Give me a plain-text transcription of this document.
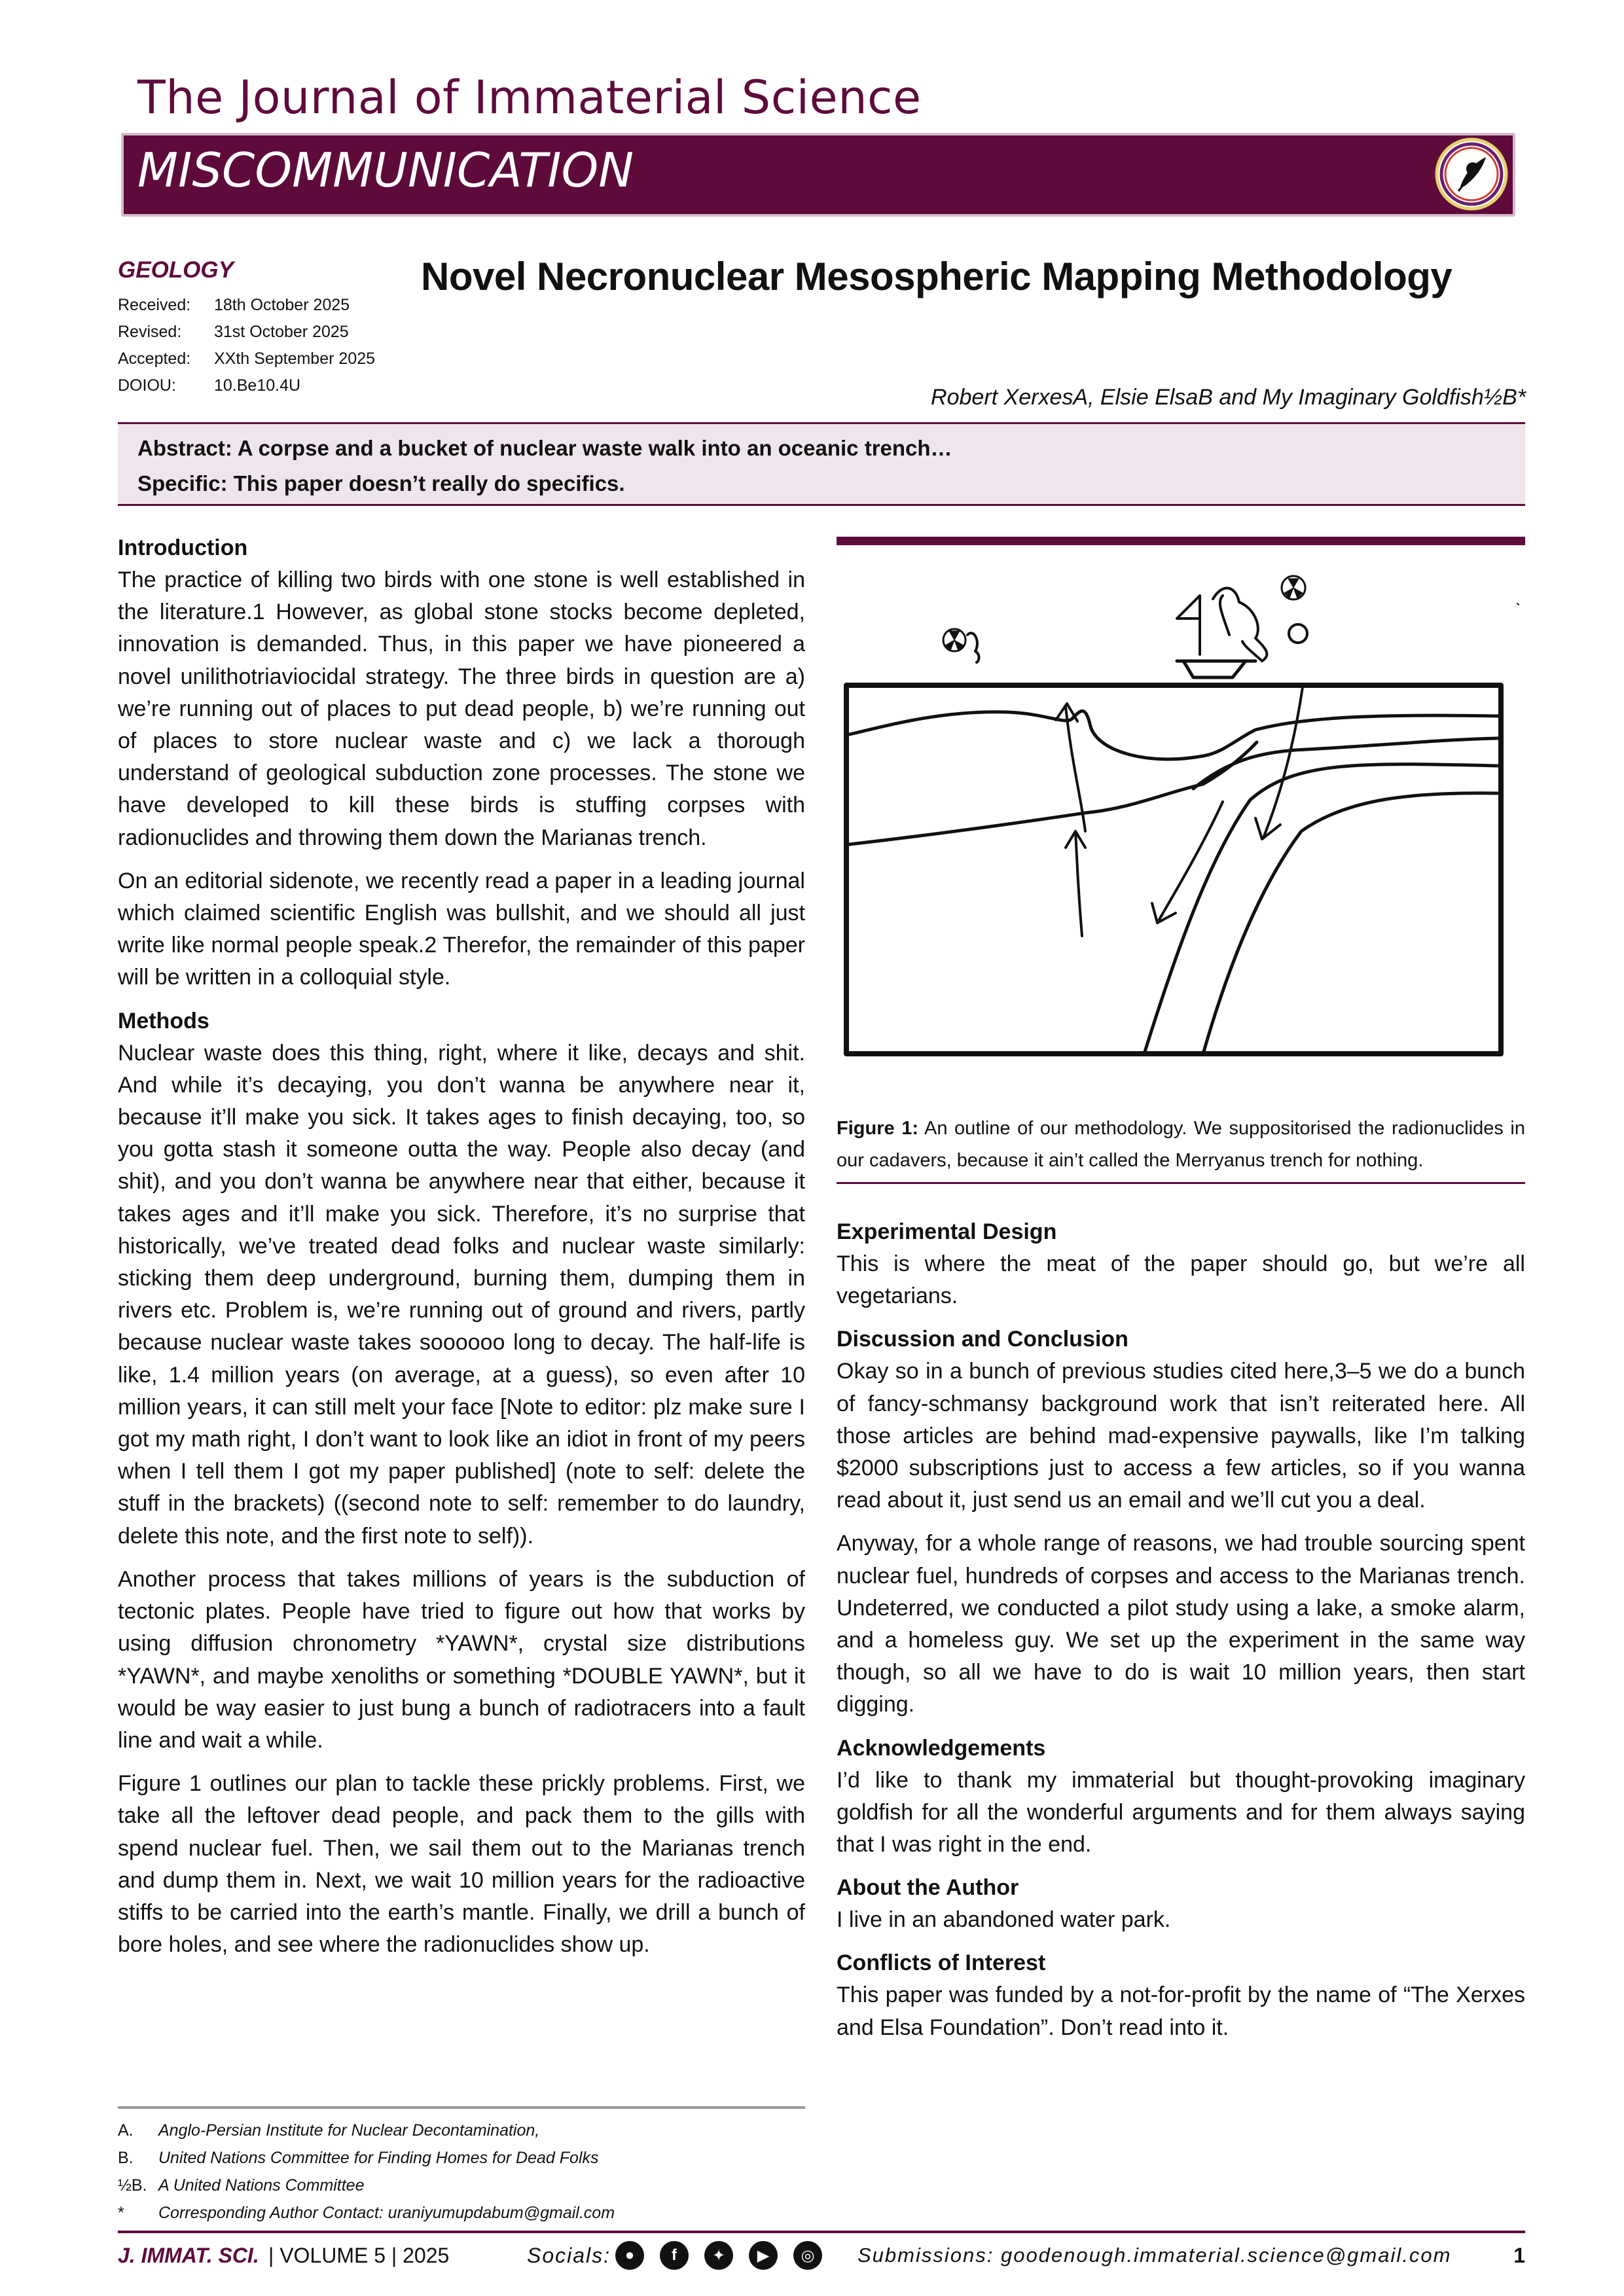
The Journal of Immaterial Science
MISCOMMUNICATION
GEOLOGY
Received:	18th October 2025
Revised:	31st October 2025
Accepted:	XXth September 2025
DOIOU:	10.Be10.4U
Novel Necronuclear Mesospheric Mapping Methodology
Robert XerxesA, Elsie ElsaB and My Imaginary Goldfish½B*
Abstract: A corpse and a bucket of nuclear waste walk into an oceanic trench…
Specific: This paper doesn’t really do specifics.
Introduction

The practice of killing two birds with one stone is well established in the literature.1 However, as global stone stocks become depleted, innovation is demanded. Thus, in this paper we have pioneered a novel unilithotriaviocidal strategy. The three birds in question are a) we’re running out of places to put dead people, b) we’re running out of places to store nuclear waste and c) we lack a thorough understand of geological subduction zone processes. The stone we have developed to kill these birds is stuffing corpses with radionuclides and throwing them down the Marianas trench.

On an editorial sidenote, we recently read a paper in a leading journal which claimed scientific English was bullshit, and we should all just write like normal people speak.2 Therefor, the remainder of this paper will be written in a colloquial style.

Methods

Nuclear waste does this thing, right, where it like, decays and shit. And while it’s decaying, you don’t wanna be anywhere near it, because it’ll make you sick. It takes ages to finish decaying, too, so you gotta stash it someone outta the way. People also decay (and shit), and you don’t wanna be anywhere near that either, because it takes ages and it’ll make you sick. Therefore, it’s no surprise that historically, we’ve treated dead folks and nuclear waste similarly: sticking them deep underground, burning them, dumping them in rivers etc. Problem is, we’re running out of ground and rivers, partly because nuclear waste takes soooooo long to decay. The half-life is like, 1.4 million years (on average, at a guess), so even after 10 million years, it can still melt your face [Note to editor: plz make sure I got my math right, I don’t want to look like an idiot in front of my peers when I tell them I got my paper published] (note to self: delete the stuff in the brackets) ((second note to self: remember to do laundry, delete this note, and the first note to self)).

Another process that takes millions of years is the subduction of tectonic plates. People have tried to figure out how that works by using diffusion chronometry *YAWN*, crystal size distributions *YAWN*, and maybe xenoliths or something *DOUBLE YAWN*, but it would be way easier to just bung a bunch of radiotracers into a fault line and wait a while.

Figure 1 outlines our plan to tackle these prickly problems. First, we take all the leftover dead people, and pack them to the gills with spend nuclear fuel. Then, we sail them out to the Marianas trench and dump them in. Next, we wait 10 million years for the radioactive stiffs to be carried into the earth’s mantle. Finally, we drill a bunch of bore holes, and see where the radionuclides show up.

Figure 1: An outline of our methodology. We suppositorised the radionuclides in our cadavers, because it ain’t called the Merryanus trench for nothing.
Experimental Design

This is where the meat of the paper should go, but we’re all vegetarians.

Discussion and Conclusion

Okay so in a bunch of previous studies cited here,3–5 we do a bunch of fancy-schmansy background work that isn’t reiterated here. All those articles are behind mad-expensive paywalls, like I’m talking $2000 subscriptions just to access a few articles, so if you wanna read about it, just send us an email and we’ll cut you a deal.

Anyway, for a whole range of reasons, we had trouble sourcing spent nuclear fuel, hundreds of corpses and access to the Marianas trench. Undeterred, we conducted a pilot study using a lake, a smoke alarm, and a homeless guy. We set up the experiment in the same way though, so all we have to do is wait 10 million years, then start digging.

Acknowledgements

I’d like to thank my immaterial but thought-provoking imaginary goldfish for all the wonderful arguments and for them always saying that I was right in the end.

About the Author

I live in an abandoned water park.

Conflicts of Interest

This paper was funded by a not-for-profit by the name of “The Xerxes and Elsa Foundation”. Don’t read into it.

A.	Anglo-Persian Institute for Nuclear Decontamination,
B.	United Nations Committee for Finding Homes for Dead Folks
½B. A United Nations Committee
*	Corresponding Author Contact: uraniyumupdabum@gmail.com
J. IMMAT. SCI. | VOLUME 5 | 2025	Socials: ●	f	✦	▶	◎	Submissions: goodenough.immaterial.science@gmail.com	1
